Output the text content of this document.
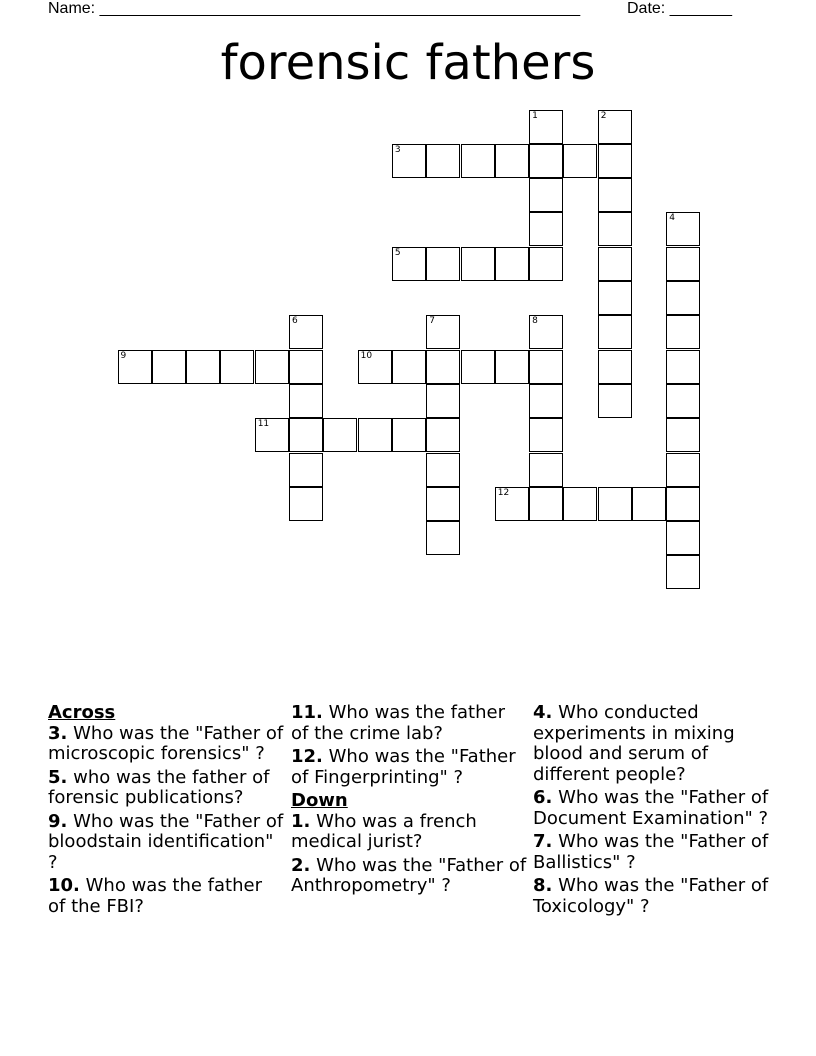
Name: ______________________________________________________	Date: _______
forensic fathers
1	2
3
4
5
6	7	8
9	10
11
12
Across
3. Who was the "Father of microscopic forensics" ?
5. who was the father of forensic publications?
9. Who was the "Father of bloodstain identification" ?
10. Who was the father of the FBI?
11. Who was the father of the crime lab?
12. Who was the "Father of Fingerprinting" ?
Down
1. Who was a french medical jurist?
2. Who was the "Father of Anthropometry" ?
4. Who conducted experiments in mixing blood and serum of different people?
6. Who was the "Father of Document Examination" ?
7. Who was the "Father of Ballistics" ?
8. Who was the "Father of Toxicology" ?
